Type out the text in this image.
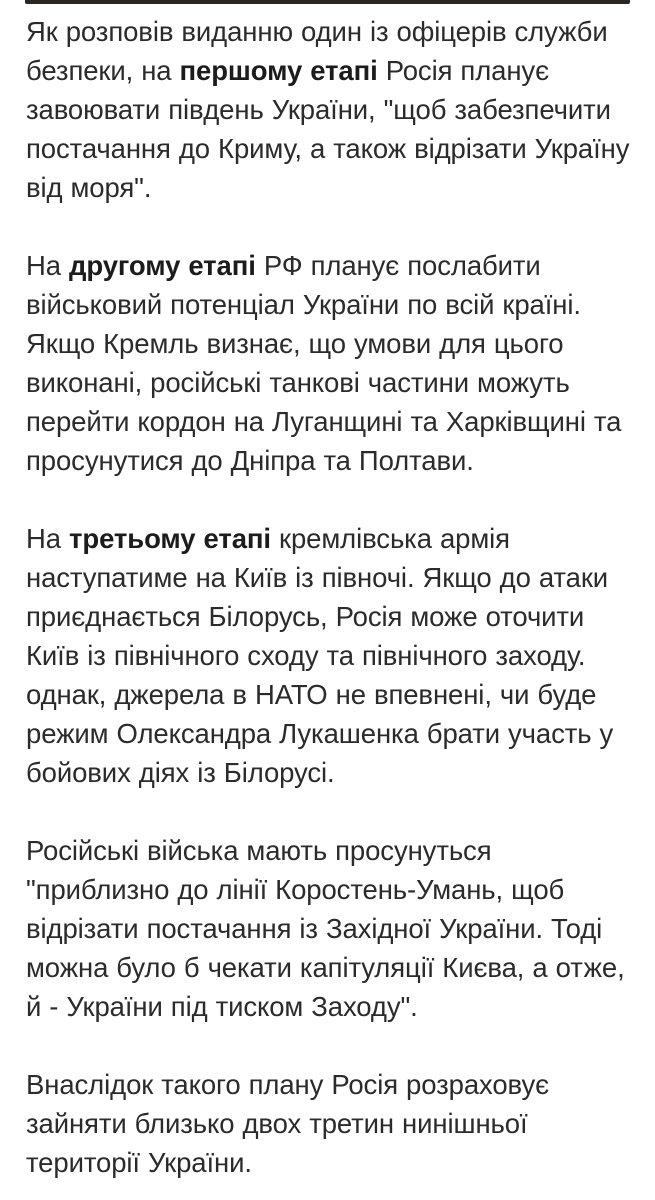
Як розповів виданню один із офіцерів служби безпеки, на першому етапі Росія планує завоювати південь України, "щоб забезпечити постачання до Криму, а також відрізати Україну від моря".

На другому етапі РФ планує послабити військовий потенціал України по всій країні. Якщо Кремль визнає, що умови для цього виконані, російські танкові частини можуть перейти кордон на Луганщині та Харківщині та просунутися до Дніпра та Полтави.

На третьому етапі кремлівська армія наступатиме на Київ із півночі. Якщо до атаки приєднається Білорусь, Росія може оточити Київ із північного сходу та північного заходу. однак, джерела в НАТО не впевнені, чи буде режим Олександра Лукашенка брати участь у бойових діях із Білорусі.

Російські війська мають просунуться "приблизно до лінії Коростень-Умань, щоб відрізати постачання із Західної України. Тоді можна було б чекати капітуляції Києва, а отже, й - України під тиском Заходу".

Внаслідок такого плану Росія розраховує зайняти близько двох третин нинішньої території України.
